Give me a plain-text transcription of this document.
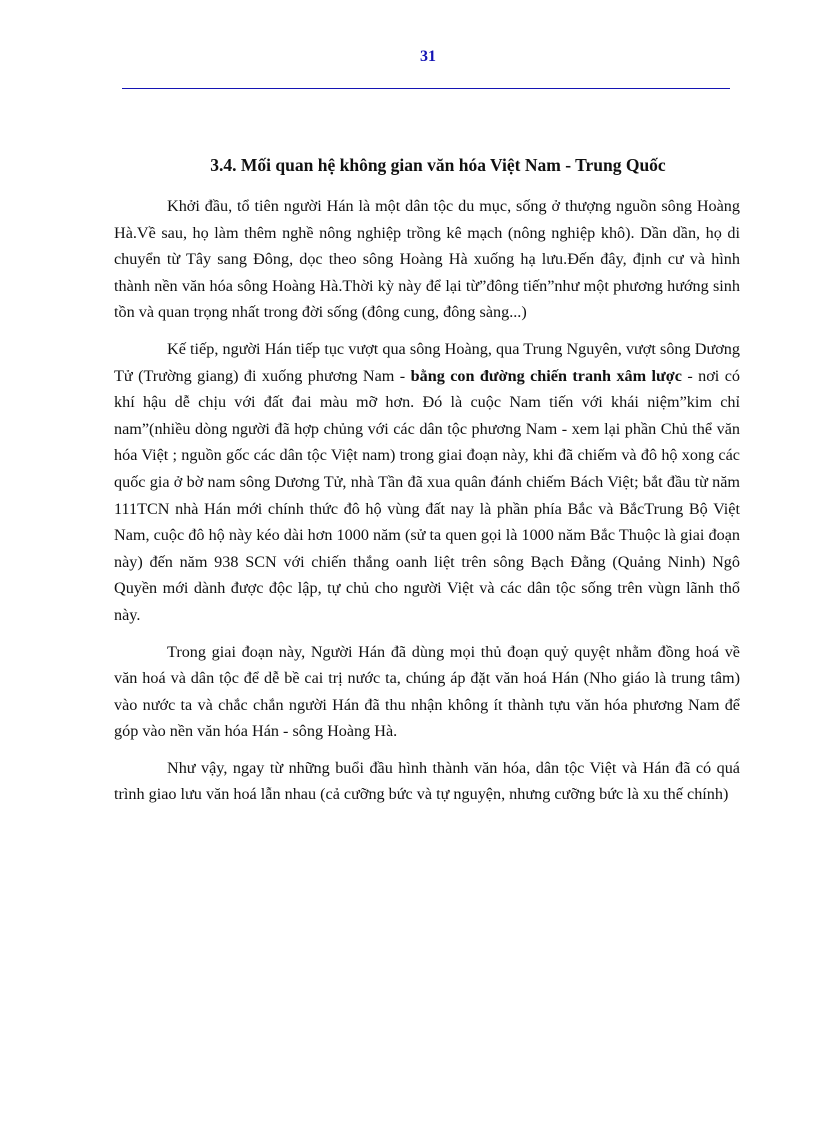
31
3.4. Mối quan hệ không gian văn hóa Việt Nam - Trung Quốc

Khởi đầu, tổ tiên người Hán là một dân tộc du mục, sống ở thượng nguồn sông Hoàng Hà.Về sau, họ làm thêm nghề nông nghiệp trồng kê mạch (nông nghiệp khô). Dần dần, họ di chuyển từ Tây sang Đông, dọc theo sông Hoàng Hà xuống hạ lưu.Đến đây, định cư và hình thành nền văn hóa sông Hoàng Hà.Thời kỳ này để lại từ”đông tiến”như một phương hướng sinh tồn và quan trọng nhất trong đời sống (đông cung, đông sàng...)

Kế tiếp, người Hán tiếp tục vượt qua sông Hoàng, qua Trung Nguyên, vượt sông Dương Tử (Trường giang) đi xuống phương Nam - bằng con đường chiến tranh xâm lược - nơi có khí hậu dễ chịu với đất đai màu mỡ hơn. Đó là cuộc Nam tiến với khái niệm”kim chỉ nam”(nhiều dòng người đã hợp chủng với các dân tộc phương Nam - xem lại phần Chủ thể văn hóa Việt ; nguồn gốc các dân tộc Việt nam) trong giai đoạn này, khi đã chiếm và đô hộ xong các quốc gia ở bờ nam sông Dương Tử, nhà Tần đã xua quân đánh chiếm Bách Việt; bắt đầu từ năm 111TCN nhà Hán mới chính thức đô hộ vùng đất nay là phần phía Bắc và BắcTrung Bộ Việt Nam, cuộc đô hộ này kéo dài hơn 1000 năm (sử ta quen gọi là 1000 năm Bắc Thuộc là giai đoạn này) đến năm 938 SCN với chiến thắng oanh liệt trên sông Bạch Đằng (Quảng Ninh) Ngô Quyền mới dành được độc lập, tự chủ cho người Việt và các dân tộc sống trên vùgn lãnh thổ này.

Trong giai đoạn này, Người Hán đã dùng mọi thủ đoạn quỷ quyệt nhằm đồng hoá về văn hoá và dân tộc để dễ bề cai trị nước ta, chúng áp đặt văn hoá Hán (Nho giáo là trung tâm) vào nước ta và chắc chắn người Hán đã thu nhận không ít thành tựu văn hóa phương Nam để góp vào nền văn hóa Hán - sông Hoàng Hà.

Như vậy, ngay từ những buổi đầu hình thành văn hóa, dân tộc Việt và Hán đã có quá trình giao lưu văn hoá lẫn nhau (cả cưỡng bức và tự nguyện, nhưng cưỡng bức là xu thế chính)
